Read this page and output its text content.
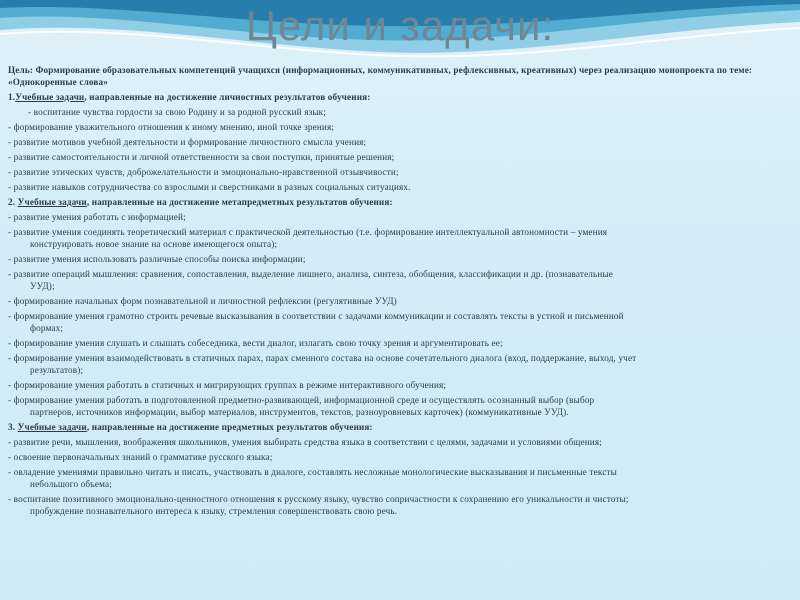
Цели и задачи:

Цель: Формирование образовательных компетенций учащихся (информационных, коммуникативных, рефлексивных, креативных) через реализацию монопроекта по теме: «Однокоренные слова»

1.Учебные задачи, направленные на достижение личностных результатов обучения:

- воспитание чувства гордости за свою Родину и за родной русский язык;

- формирование уважительного отношения к иному мнению, иной точке зрения;

- развитие мотивов учебной деятельности и формирование личностного смысла учения;

- развитие самостоятельности и личной ответственности за свои поступки, принятые решения;

- развитие этических чувств, доброжелательности и эмоционально-нравственной отзывчивости;

- развитие навыков сотрудничества со взрослыми и сверстниками в разных социальных ситуациях.

2. Учебные задачи, направленные на достижение метапредметных результатов обучения:

- развитие умения работать с информацией;

- развитие умения соединять теоретический материал с практической деятельностью (т.е. формирование интеллектуальной автономности – умения

конструировать новое знание на основе имеющегося опыта);

- развитие умения использовать различные способы поиска информации;

- развитие операций мышления: сравнения, сопоставления, выделение лишнего, анализа, синтеза, обобщения, классификации и др. (познавательные

УУД);

- формирование начальных форм познавательной и личностной рефлексии (регулятивные УУД)

- формирование умения грамотно строить речевые высказывания в соответствии с задачами коммуникации и составлять тексты в устной и письменной

формах;

- формирование умения слушать и слышать собеседника, вести диалог, излагать свою точку зрения и аргументировать ее;

- формирование умения взаимодействовать в статичных парах, парах сменного состава на основе сочетательного диалога (вход, поддержание, выход, учет

результатов);

- формирование умения работать в статичных и мигрирующих группах в режиме интерактивного обучения;

- формирование умения работать в подготовленной предметно-развивающей, информационной среде и осуществлять осознанный выбор (выбор

партнеров, источников информации, выбор материалов, инструментов, текстов, разноуровневых карточек) (коммуникативные УУД).

3. Учебные задачи, направленные на достижение предметных результатов обучения:

- развитие речи, мышления, воображения школьников, умения выбирать средства языка в соответствии с целями, задачами и условиями общения;

- освоение первоначальных знаний о грамматике русского языка;

- овладение умениями правильно читать и писать, участвовать в диалоге, составлять несложные монологические высказывания и письменные тексты

небольшого объема;

- воспитание позитивного эмоционально-ценностного отношения к русскому языку, чувство сопричастности к сохранению его уникальности и чистоты;

пробуждение познавательного интереса к языку, стремления совершенствовать свою речь.
